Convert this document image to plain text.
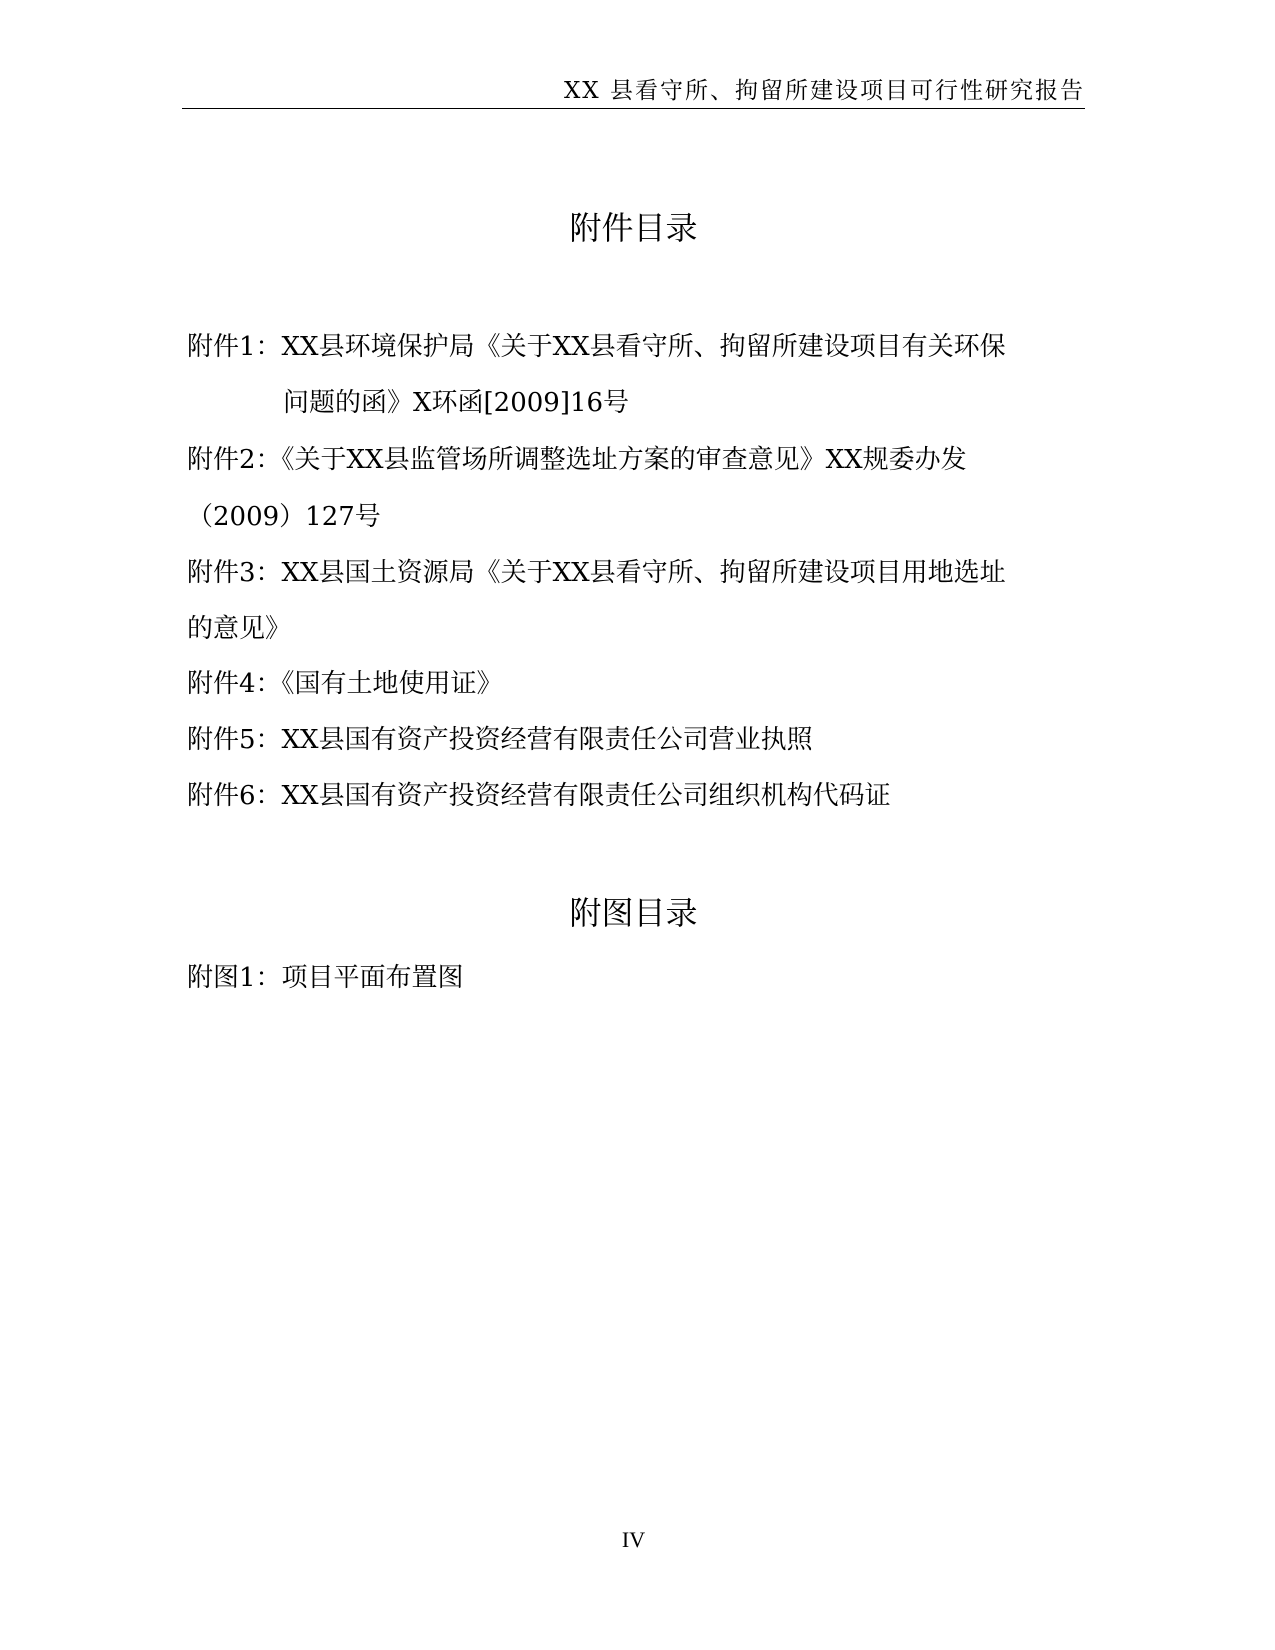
XX 县看守所、拘留所建设项目可行性研究报告
附件目录
附件1：XX县环境保护局《关于XX县看守所、拘留所建设项目有关环保
问题的函》X环函[2009]16号
附件2：《关于XX县监管场所调整选址方案的审查意见》XX规委办发
（2009）127号
附件3：XX县国土资源局《关于XX县看守所、拘留所建设项目用地选址
的意见》
附件4：《国有土地使用证》
附件5：XX县国有资产投资经营有限责任公司营业执照
附件6：XX县国有资产投资经营有限责任公司组织机构代码证
附图目录
附图1：项目平面布置图
IV
